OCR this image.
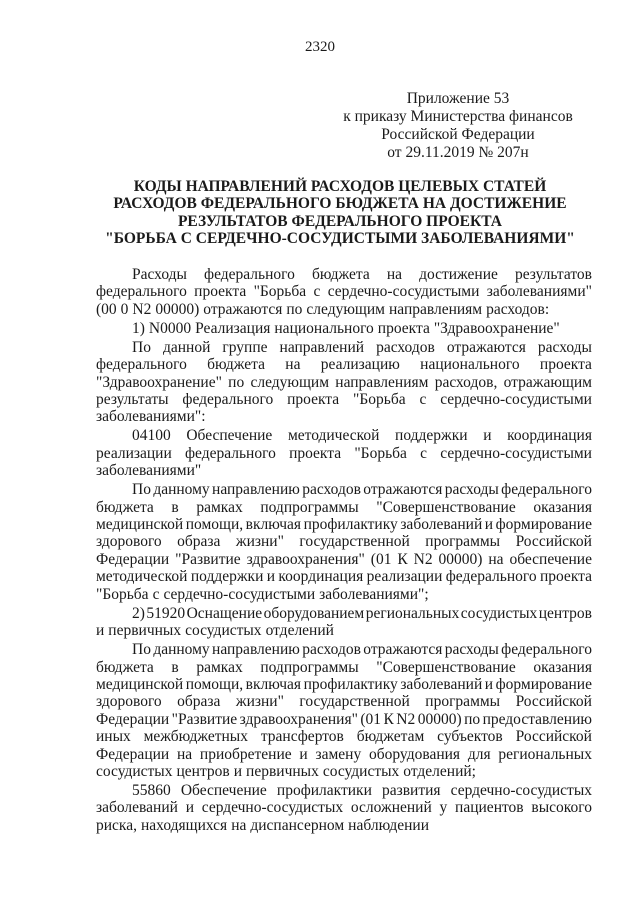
2320
Приложение 53
к приказу Министерства финансов
Российской Федерации
от 29.11.2019 № 207н
КОДЫ НАПРАВЛЕНИЙ РАСХОДОВ ЦЕЛЕВЫХ СТАТЕЙ
РАСХОДОВ ФЕДЕРАЛЬНОГО БЮДЖЕТА НА ДОСТИЖЕНИЕ
РЕЗУЛЬТАТОВ ФЕДЕРАЛЬНОГО ПРОЕКТА
"БОРЬБА С СЕРДЕЧНО-СОСУДИСТЫМИ ЗАБОЛЕВАНИЯМИ"
Расходы федерального бюджета на достижение результатов
федерального проекта "Борьба с сердечно-сосудистыми заболеваниями"
(00 0 N2 00000) отражаются по следующим направлениям расходов:
1) N0000 Реализация национального проекта "Здравоохранение"
По данной группе направлений расходов отражаются расходы
федерального бюджета на реализацию национального проекта
"Здравоохранение" по следующим направлениям расходов, отражающим
результаты федерального проекта "Борьба с сердечно-сосудистыми
заболеваниями":
04100 Обеспечение методической поддержки и координация
реализации федерального проекта "Борьба с сердечно-сосудистыми
заболеваниями"
По данному направлению расходов отражаются расходы федерального
бюджета в рамках подпрограммы "Совершенствование оказания
медицинской помощи, включая профилактику заболеваний и формирование
здорового образа жизни" государственной программы Российской
Федерации "Развитие здравоохранения" (01 К N2 00000) на обеспечение
методической поддержки и координация реализации федерального проекта
"Борьба с сердечно-сосудистыми заболеваниями";
2) 51920 Оснащение оборудованием региональных сосудистых центров
и первичных сосудистых отделений
По данному направлению расходов отражаются расходы федерального
бюджета в рамках подпрограммы "Совершенствование оказания
медицинской помощи, включая профилактику заболеваний и формирование
здорового образа жизни" государственной программы Российской
Федерации "Развитие здравоохранения" (01 К N2 00000) по предоставлению
иных межбюджетных трансфертов бюджетам субъектов Российской
Федерации на приобретение и замену оборудования для региональных
сосудистых центров и первичных сосудистых отделений;
55860 Обеспечение профилактики развития сердечно-сосудистых
заболеваний и сердечно-сосудистых осложнений у пациентов высокого
риска, находящихся на диспансерном наблюдении
